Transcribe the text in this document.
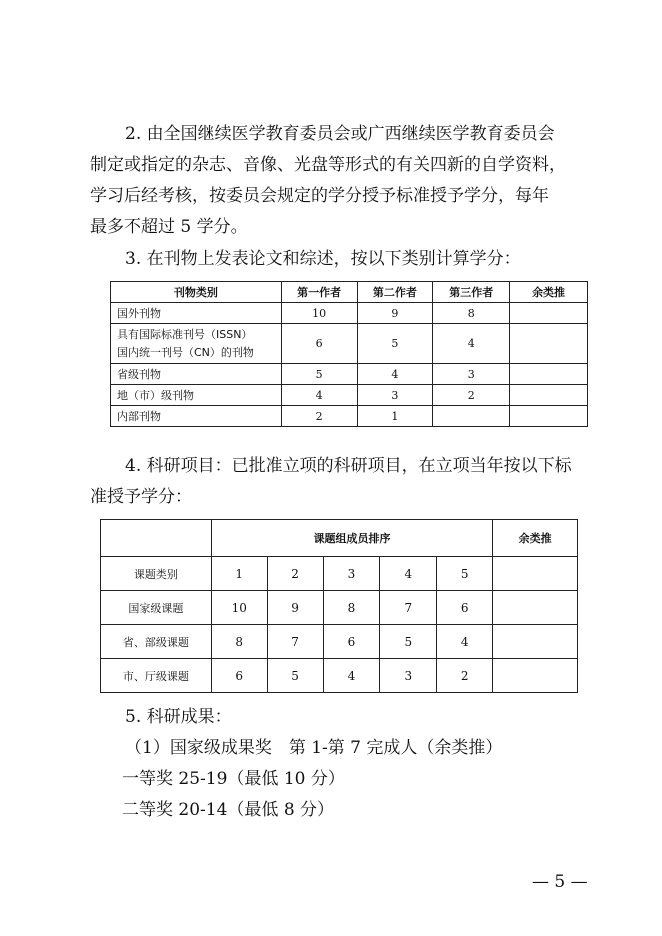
2. 由全国继续医学教育委员会或广西继续医学教育委员会
制定或指定的杂志、音像、光盘等形式的有关四新的自学资料，
学习后经考核，按委员会规定的学分授予标准授予学分，每年
最多不超过 5 学分。
3. 在刊物上发表论文和综述，按以下类别计算学分：
刊物类别	第一作者	第二作者	第三作者	余类推
国外刊物	10	9	8	

具有国际标准刊号（ISSN）
国内统一刊号（CN）的刊物	6	5	4	
省级刊物	5	4	3	
地（市）级刊物	4	3	2	
内部刊物	2	1		
4. 科研项目：已批准立项的科研项目，在立项当年按以下标
准授予学分：
	课题组成员排序					余类推
课题类别	1	2	3	4	5	
国家级课题	10	9	8	7	6	
省、部级课题	8	7	6	5	4	
市、厅级课题	6	5	4	3	2	
5. 科研成果：
（1）国家级成果奖　第 1-第 7 完成人（余类推）
一等奖 25-19（最低 10 分）
二等奖 20-14（最低 8 分）
— 5 —
